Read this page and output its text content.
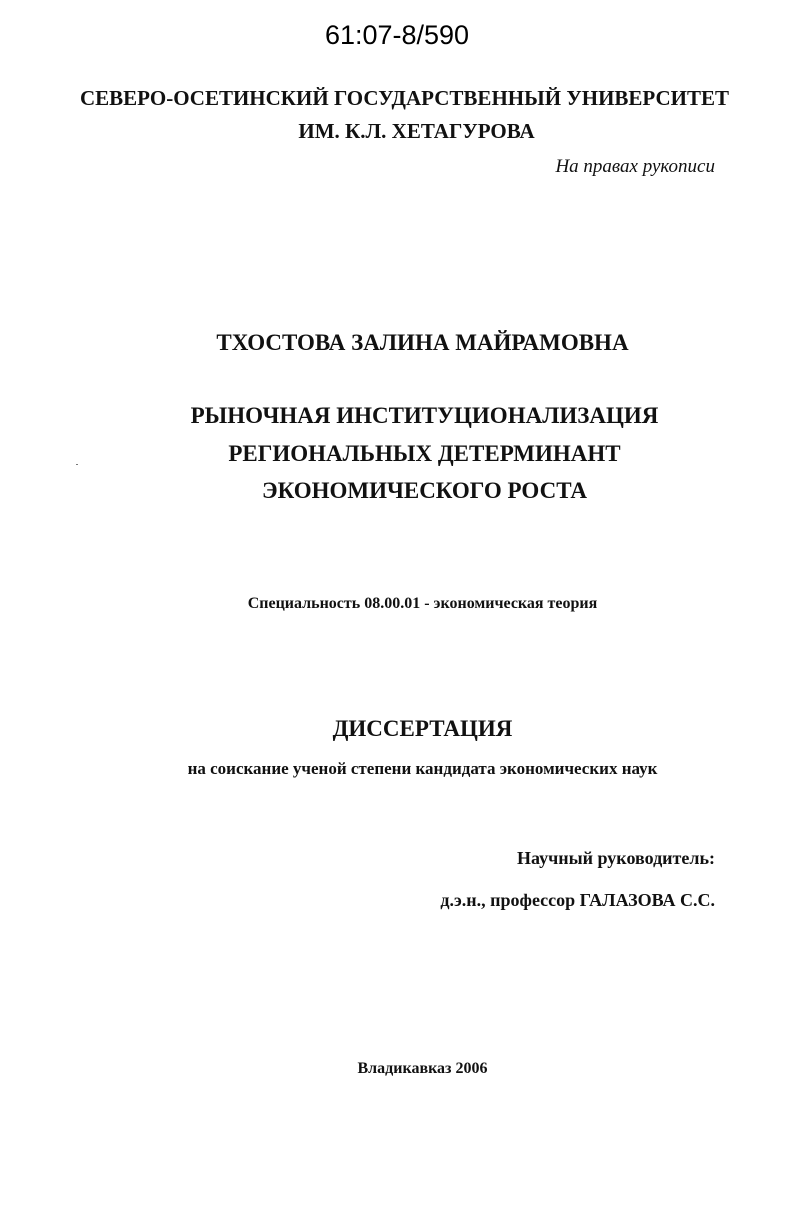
61:07-8/590
СЕВЕРО-ОСЕТИНСКИЙ ГОСУДАРСТВЕННЫЙ УНИВЕРСИТЕТ
ИМ. К.Л. ХЕТАГУРОВА
На правах рукописи
ТХОСТОВА ЗАЛИНА МАЙРАМОВНА
РЫНОЧНАЯ ИНСТИТУЦИОНАЛИЗАЦИЯ
РЕГИОНАЛЬНЫХ ДЕТЕРМИНАНТ
ЭКОНОМИЧЕСКОГО РОСТА
Специальность 08.00.01 - экономическая теория
ДИССЕРТАЦИЯ
на соискание ученой степени кандидата экономических наук
Научный руководитель:
д.э.н., профессор ГАЛАЗОВА С.С.
Владикавказ 2006
